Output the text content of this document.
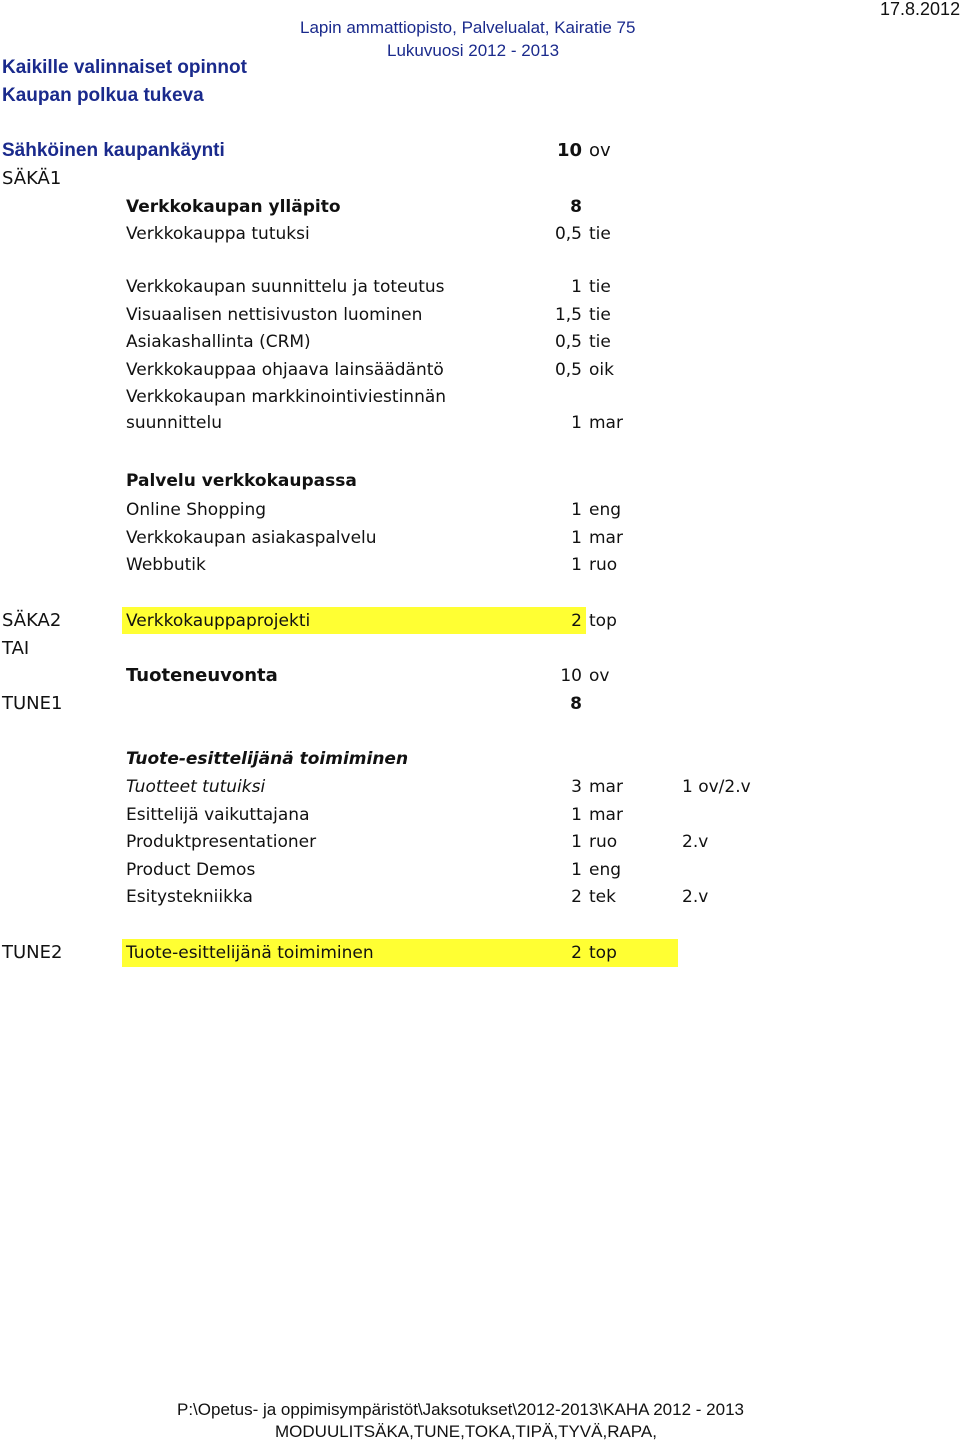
Lapin ammattiopisto, Palvelualat, Kairatie 75
Lukuvuosi 2012 - 2013
17.8.2012
Kaikille valinnaiset opinnot
Kaupan polkua tukeva
Sähköinen kaupankäynti	10 ov
SÄKÄ1
Verkkokaupan ylläpito	8
Verkkokauppa tutuksi	0,5 tie
Verkkokaupan suunnittelu ja toteutus	1 tie
Visuaalisen nettisivuston luominen	1,5 tie
Asiakashallinta (CRM)	0,5 tie
Verkkokauppaa ohjaava lainsäädäntö	0,5 oik
Verkkokaupan markkinointiviestinnän
suunnittelu	1 mar
Palvelu verkkokaupassa
Online Shopping	1 eng
Verkkokaupan asiakaspalvelu	1 mar
Webbutik	1 ruo
SÄKA2	Verkkokauppaprojekti	2 top
TAI
Tuoteneuvonta	10 ov
TUNE1	8
Tuote-esittelijänä toimiminen
Tuotteet tutuiksi	3 mar	1 ov/2.v
Esittelijä vaikuttajana	1 mar
Produktpresentationer	1 ruo	2.v
Product Demos	1 eng
Esitystekniikka	2 tek	2.v
TUNE2	Tuote-esittelijänä toimiminen	2 top
P:\Opetus- ja oppimisympäristöt\Jaksotukset\2012-2013\KAHA 2012 - 2013
MODUULITSÄKA,TUNE,TOKA,TIPÄ,TYVÄ,RAPA,
